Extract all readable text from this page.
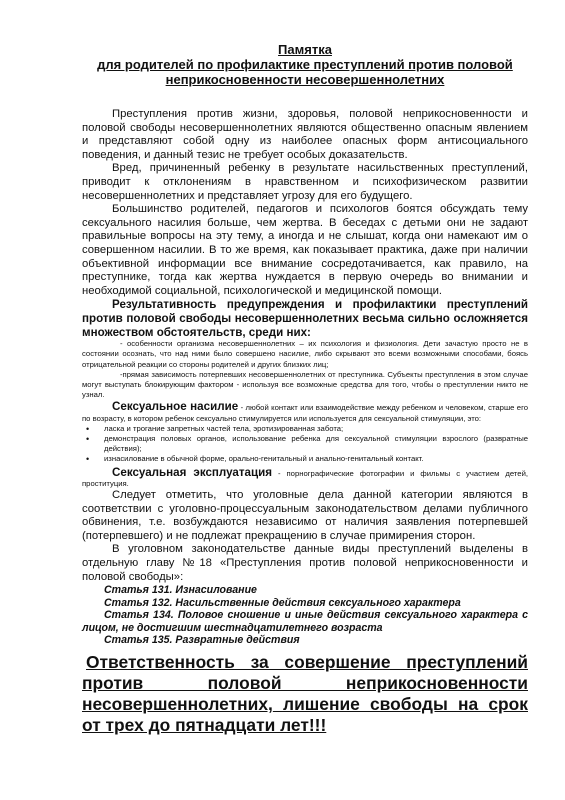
Памятка

для родителей по профилактике преступлений против половой

неприкосновенности несовершеннолетних

Преступления против жизни, здоровья, половой неприкосновенности и половой свободы несовершеннолетних являются общественно опасным явлением и представляют собой одну из наиболее опасных форм антисоциального поведения, и данный тезис не требует особых доказательств.

Вред, причиненный ребенку в результате насильственных преступлений, приводит к отклонениям в нравственном и психофизическом развитии несовершеннолетних и представляет угрозу для его будущего.

Большинство родителей, педагогов и психологов боятся обсуждать тему сексуального насилия больше, чем жертва. В беседах с детьми они не задают правильные вопросы на эту тему, а иногда и не слышат, когда они намекают им о совершенном насилии. В то же время, как показывает практика, даже при наличии объективной информации все внимание сосредотачивается, как правило, на преступнике, тогда как жертва нуждается в первую очередь во внимании и необходимой социальной, психологической и медицинской помощи.

Результативность предупреждения и профилактики преступлений против половой свободы несовершеннолетних весьма сильно осложняется множеством обстоятельств, среди них:

- особенности организма несовершеннолетних – их психология и физиология. Дети зачастую просто не в состоянии осознать, что над ними было совершено насилие, либо скрывают это всеми возможными способами, боясь отрицательной реакции со стороны родителей и других близких лиц;

-прямая зависимость потерпевших несовершеннолетних от преступника. Субъекты преступления в этом случае могут выступать блокирующим фактором - используя все возможные средства для того, чтобы о преступлении никто не узнал.

Сексуальное насилие - любой контакт или взаимодействие между ребенком и человеком, старше его по возрасту, в котором ребенок сексуально стимулируется или используется для сексуальной стимуляции, это:

• ласка и трогание запретных частей тела, эротизированная забота;
• демонстрация половых органов, использование ребенка для сексуальной стимуляции взрослого (развратные действия);
• изнасилование в обычной форме, орально-генитальный и анально-генитальный контакт.

Сексуальная эксплуатация - порнографические фотографии и фильмы с участием детей, проституция.

Следует отметить, что уголовные дела данной категории являются в соответствии с уголовно-процессуальным законодательством делами публичного обвинения, т.е. возбуждаются независимо от наличия заявления потерпевшей (потерпевшего) и не подлежат прекращению в случае примирения сторон.

В уголовном законодательстве данные виды преступлений выделены в отдельную главу №18 «Преступления против половой неприкосновенности и половой свободы»:

Статья 131. Изнасилование

Статья 132. Насильственные действия сексуального характера

Статья 134. Половое сношение и иные действия сексуального характера с лицом, не достигшим шестнадцатилетнего возраста

Статья 135. Развратные действия

Ответственность за совершение преступлений против половой неприкосновенности несовершеннолетних, лишение свободы на срок от трех до пятнадцати лет!!!
